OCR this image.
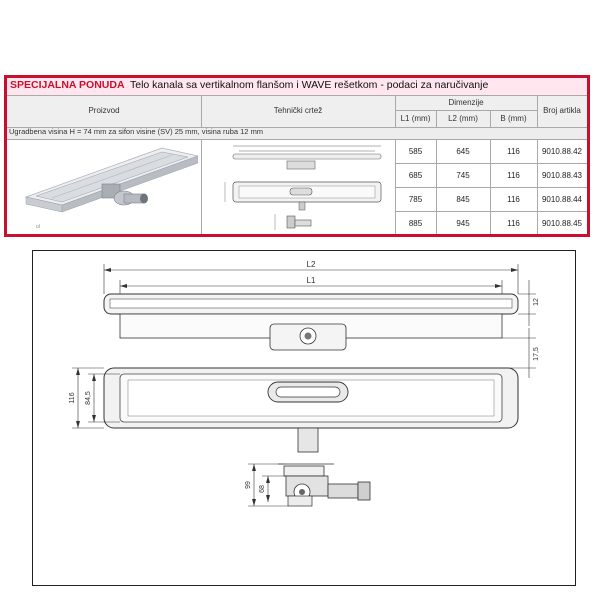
SPECIJALNA PONUDA Telo kanala sa vertikalnom flanšom i WAVE rešetkom - podaci za naručivanje
Proizvod	Tehnički crtež
Dimenzije
L1 (mm)	L2 (mm)	B (mm)
Broj artikla
Ugradbena visina H = 74 mm za sifon visine (SV) 25 mm, visina ruba 12 mm
585	645	116	9010.88.42
685	745	116	9010.88.43
785	845	116	9010.88.44
885	945	116	9010.88.45
ol
L2
L1
12
17,5
116 84,5
99
68
